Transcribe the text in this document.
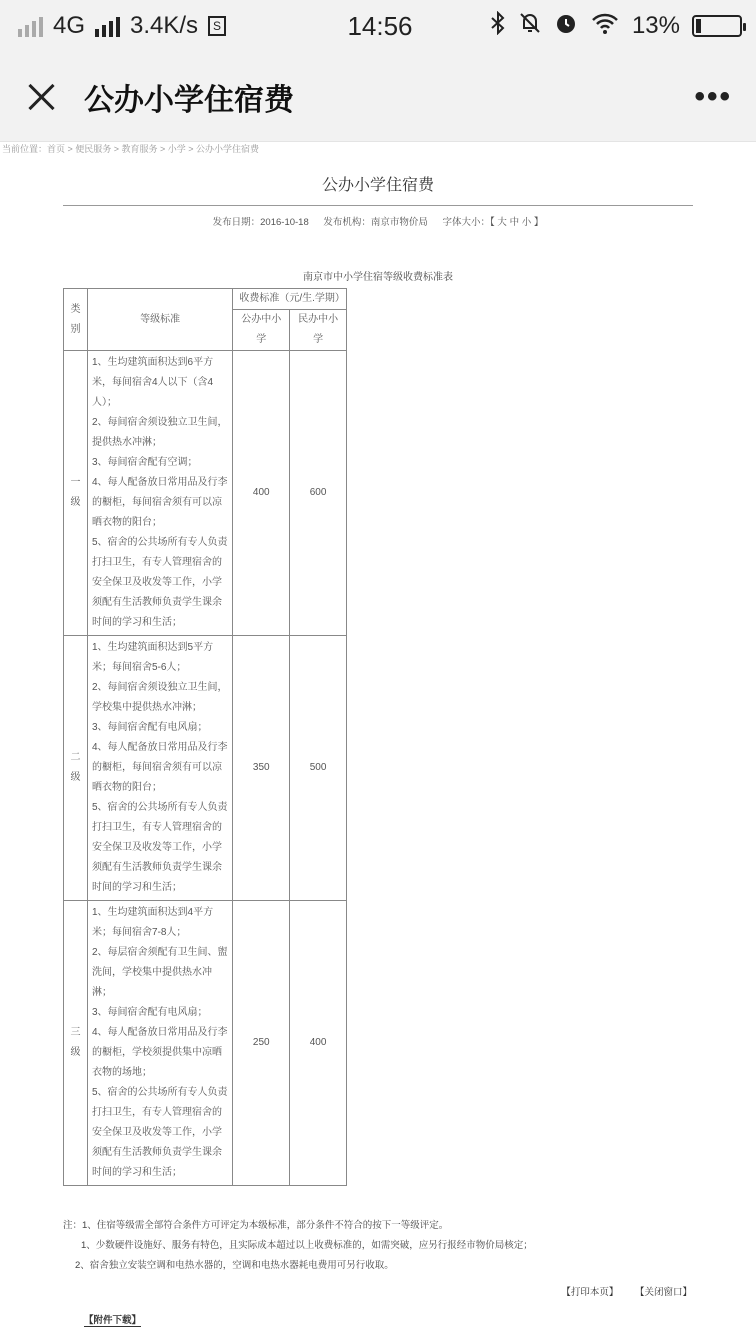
4G 3.4K/s	S	14:56	13%
公办小学住宿费	•••
当前位置：首页 > 便民服务 > 教育服务 > 小学 > 公办小学住宿费
公办小学住宿费
发布日期：2016-10-18 发布机构：南京市物价局 字体大小：【 大 中 小 】
南京市中小学住宿等级收费标准表
类别	等级标准	收费标准（元/生.学期）	
		公办中小学	民办中小学
一级	1、生均建筑面积达到6平方米，每间宿舍4人以下（含4人）；
2、每间宿舍须设独立卫生间，提供热水冲淋；
3、每间宿舍配有空调；
4、每人配备放日常用品及行李的橱柜，每间宿舍须有可以凉晒衣物的阳台；
5、宿舍的公共场所有专人负责打扫卫生，有专人管理宿舍的安全保卫及收发等工作，小学须配有生活教师负责学生课余时间的学习和生活；	400	600
二级	1、生均建筑面积达到5平方米；每间宿舍5-6人；
2、每间宿舍须设独立卫生间，学校集中提供热水冲淋；
3、每间宿舍配有电风扇；
4、每人配备放日常用品及行李的橱柜，每间宿舍须有可以凉晒衣物的阳台；
5、宿舍的公共场所有专人负责打扫卫生，有专人管理宿舍的安全保卫及收发等工作，小学须配有生活教师负责学生课余时间的学习和生活；	350	500
三级	1、生均建筑面积达到4平方米；每间宿舍7-8人；
2、每层宿舍须配有卫生间、盥洗间，学校集中提供热水冲淋；
3、每间宿舍配有电风扇；
4、每人配备放日常用品及行李的橱柜，学校须提供集中凉晒衣物的场地；
5、宿舍的公共场所有专人负责打扫卫生，有专人管理宿舍的安全保卫及收发等工作，小学须配有生活教师负责学生课余时间的学习和生活；	250	400
注：1、住宿等级需全部符合条件方可评定为本级标准，部分条件不符合的按下一等级评定。
1、少数硬件设施好、服务有特色，且实际成本超过以上收费标准的，如需突破，应另行报经市物价局核定；
2、宿舍独立安装空调和电热水器的，空调和电热水器耗电费用可另行收取。
【打印本页】 【关闭窗口】
【附件下载】
